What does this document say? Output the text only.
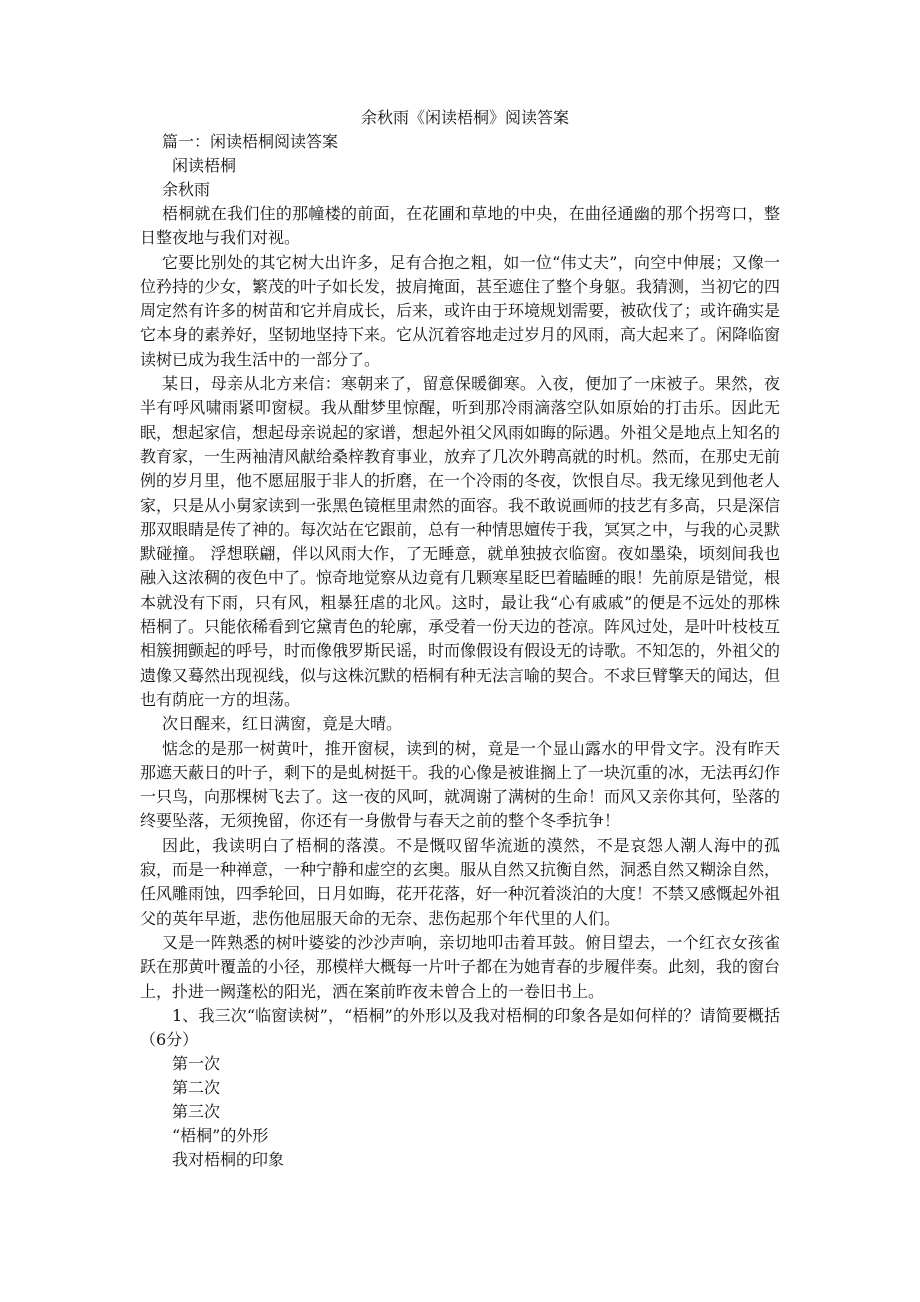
余秋雨《闲读梧桐》阅读答案
篇一：闲读梧桐阅读答案
闲读梧桐
余秋雨

梧桐就在我们住的那幢楼的前面，在花圃和草地的中央，在曲径通幽的那个拐弯口，整日整夜地与我们对视。

它要比别处的其它树大出许多，足有合抱之粗，如一位“伟丈夫”，向空中伸展；又像一位矜持的少女，繁茂的叶子如长发，披肩掩面，甚至遮住了整个身躯。我猜测，当初它的四周定然有许多的树苗和它并肩成长，后来，或许由于环境规划需要，被砍伐了；或许确实是它本身的素养好，坚韧地坚持下来。它从沉着容地走过岁月的风雨，高大起来了。闲降临窗读树已成为我生活中的一部分了。

某日，母亲从北方来信：寒朝来了，留意保暖御寒。入夜，便加了一床被子。果然，夜半有呼风啸雨紧叩窗棂。我从酣梦里惊醒，听到那冷雨滴落空队如原始的打击乐。因此无眠，想起家信，想起母亲说起的家谱，想起外祖父风雨如晦的际遇。外祖父是地点上知名的教育家，一生两袖清风献给桑梓教育事业，放弃了几次外聘高就的时机。然而，在那史无前例的岁月里，他不愿屈服于非人的折磨，在一个冷雨的冬夜，饮恨自尽。我无缘见到他老人家，只是从小舅家读到一张黑色镜框里肃然的面容。我不敢说画师的技艺有多高，只是深信那双眼睛是传了神的。每次站在它跟前，总有一种情思嬗传于我，冥冥之中，与我的心灵默默碰撞。 浮想联翩，伴以风雨大作，了无睡意，就单独披衣临窗。夜如墨染，顷刻间我也融入这浓稠的夜色中了。惊奇地觉察从边竟有几颗寒星眨巴着瞌睡的眼！先前原是错觉，根本就没有下雨，只有风，粗暴狂虐的北风。这时，最让我“心有戚戚”的便是不远处的那株梧桐了。只能依稀看到它黛青色的轮廓，承受着一份天边的苍凉。阵风过处，是叶叶枝枝互相簇拥颤起的呼号，时而像俄罗斯民谣，时而像假设有假设无的诗歌。不知怎的，外祖父的遗像又蓦然出现视线，似与这株沉默的梧桐有种无法言喻的契合。不求巨臂擎天的闻达，但也有荫庇一方的坦荡。

次日醒来，红日满窗，竟是大晴。

惦念的是那一树黄叶，推开窗棂，读到的树，竟是一个显山露水的甲骨文字。没有昨天那遮天蔽日的叶子，剩下的是虬树挺干。我的心像是被谁搁上了一块沉重的冰，无法再幻作一只鸟，向那棵树飞去了。这一夜的风呵，就凋谢了满树的生命！而风又亲你其何，坠落的终要坠落，无须挽留，你还有一身傲骨与春天之前的整个冬季抗争！

因此，我读明白了梧桐的落漠。不是慨叹留华流逝的漠然，不是哀怨人潮人海中的孤寂，而是一种禅意，一种宁静和虚空的玄奥。服从自然又抗衡自然，洞悉自然又糊涂自然，任风雕雨蚀，四季轮回，日月如晦，花开花落，好一种沉着淡泊的大度！不禁又感慨起外祖父的英年早逝，悲伤他屈服天命的无奈、悲伤起那个年代里的人们。

又是一阵熟悉的树叶婆娑的沙沙声响，亲切地叩击着耳鼓。俯目望去，一个红衣女孩雀跃在那黄叶覆盖的小径，那模样大概每一片叶子都在为她青春的步履伴奏。此刻，我的窗台上，扑进一阙蓬松的阳光，洒在案前昨夜未曾合上的一卷旧书上。

1、我三次“临窗读树”，“梧桐”的外形以及我对梧桐的印象各是如何样的？请简要概括（6分）

第一次
第二次
第三次
“梧桐”的外形
我对梧桐的印象
